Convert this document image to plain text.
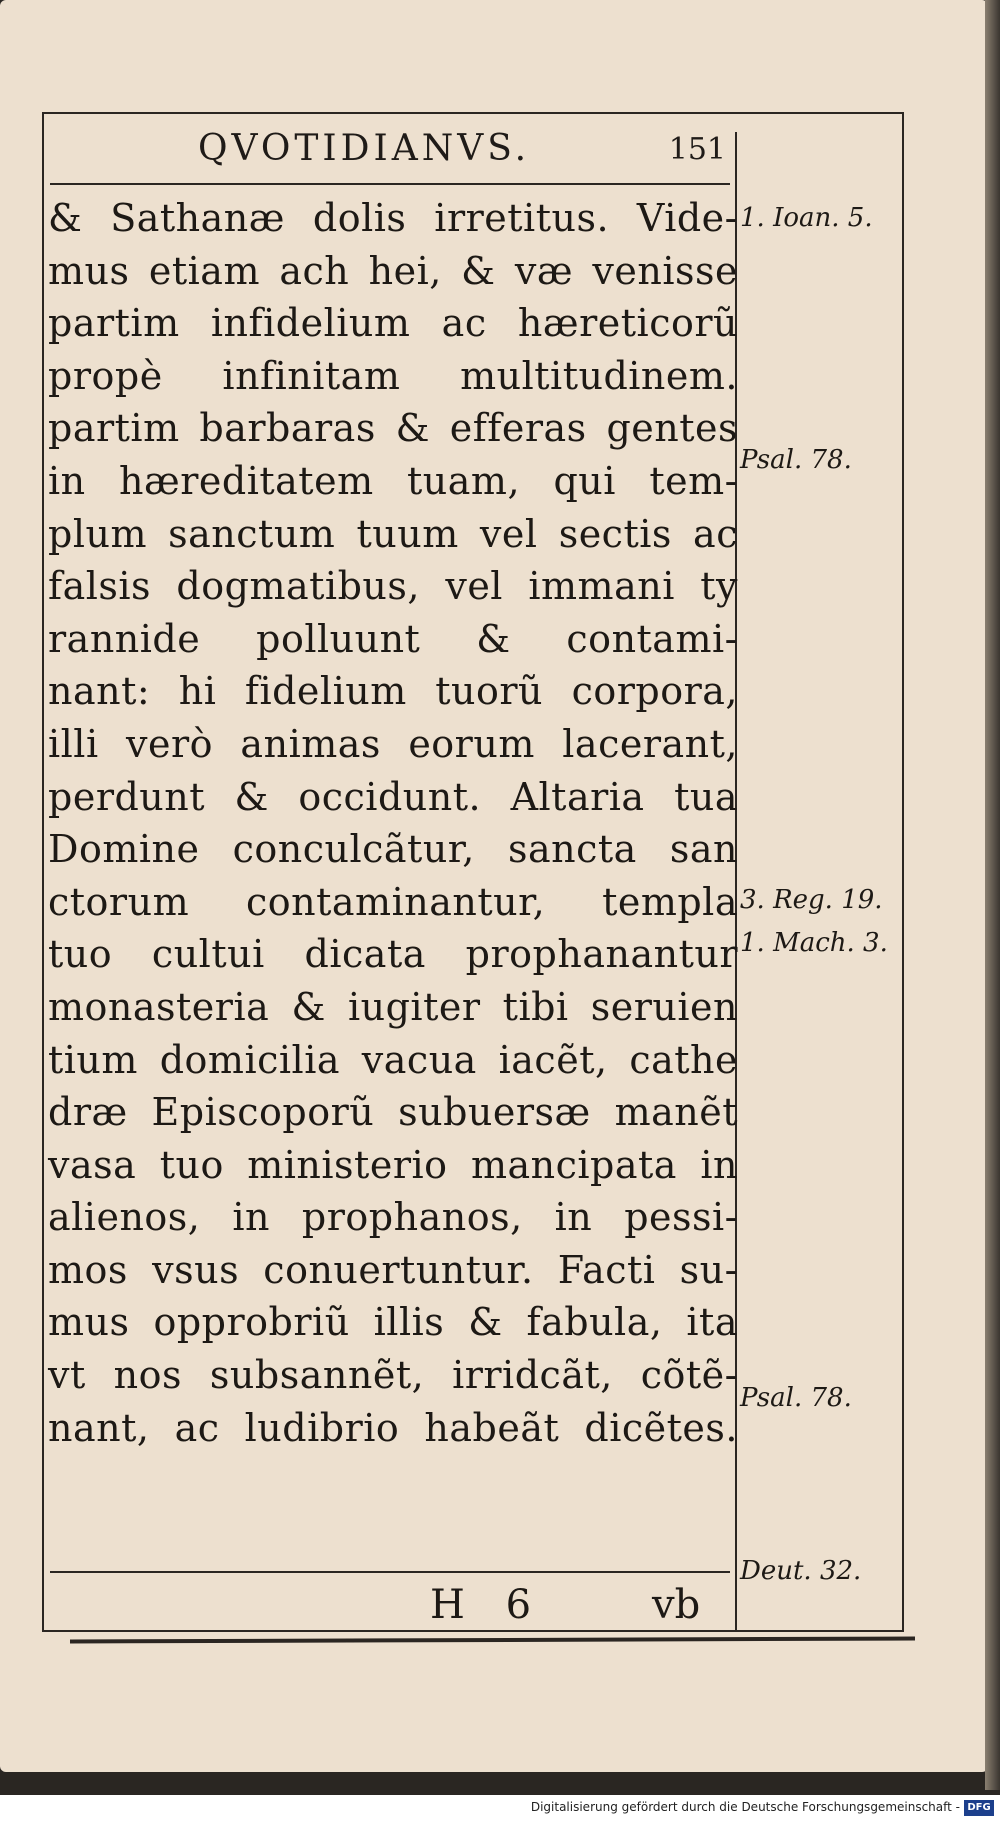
QVOTIDIANVS.	151
& Sathanæ dolis irretitus. Vide-
mus etiam ach hei, & væ venisse
partim infidelium ac hæreticorũ
propè infinitam multitudinem.
partim barbaras & efferas gentes
in hæreditatem tuam, qui tem-
plum sanctum tuum vel sectis ac
falsis dogmatibus, vel immani ty
rannide polluunt & contami-
nant: hi fidelium tuorũ corpora,
illi verò animas eorum lacerant,
perdunt & occidunt. Altaria tua
Domine conculcãtur, sancta san
ctorum contaminantur, templa
tuo cultui dicata prophanantur
monasteria & iugiter tibi seruien
tium domicilia vacua iacẽt, cathe
dræ Episcoporũ subuersæ manẽt
vasa tuo ministerio mancipata in
alienos, in prophanos, in pessi-
mos vsus conuertuntur. Facti su-
mus opprobriũ illis & fabula, ita
vt nos subsannẽt, irridcãt, cõtẽ-
nant, ac ludibrio habeãt dicẽtes.
1. Ioan. 5.
Psal. 78.
3. Reg. 19.
1. Mach. 3.
Psal. 78.
Deut. 32.
H 6	vb
Digitalisierung gefördert durch die Deutsche Forschungsgemeinschaft - DFG
